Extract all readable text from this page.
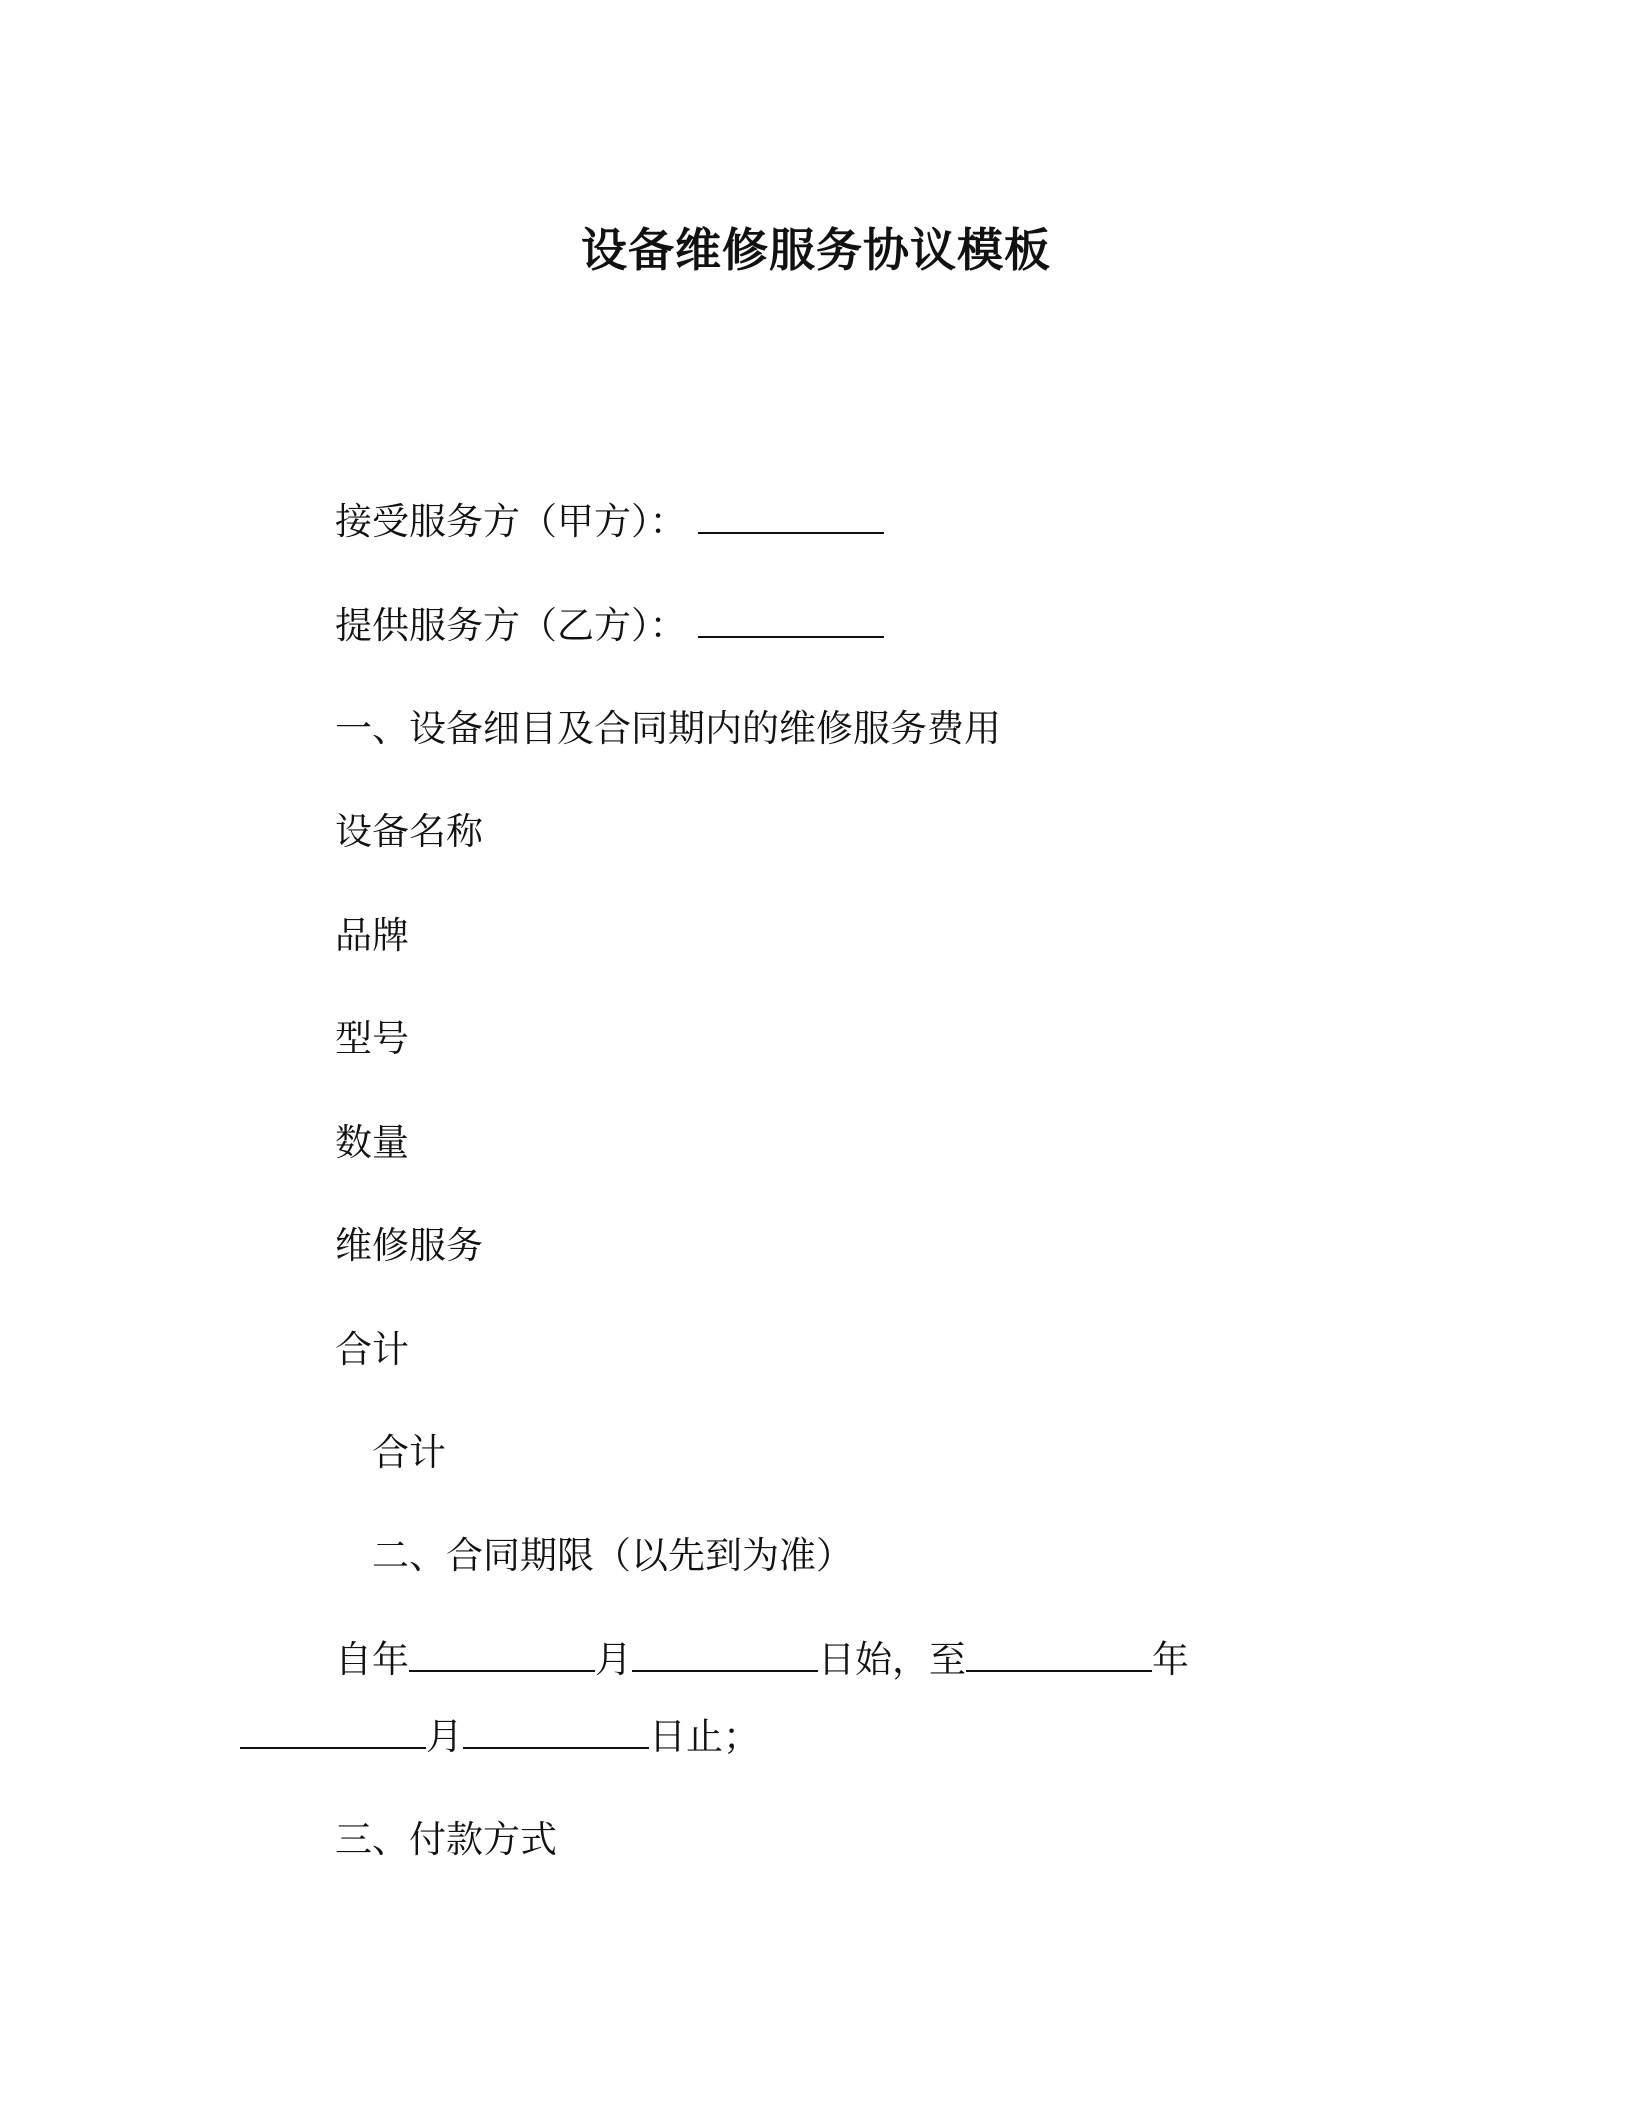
设备维修服务协议模板
接受服务方（甲方）：
提供服务方（乙方）：
一、设备细目及合同期内的维修服务费用
设备名称
品牌
型号
数量
维修服务
合计
合计
二、合同期限（以先到为准）
自年	月	日始，至	年
月	日止；
三、付款方式
